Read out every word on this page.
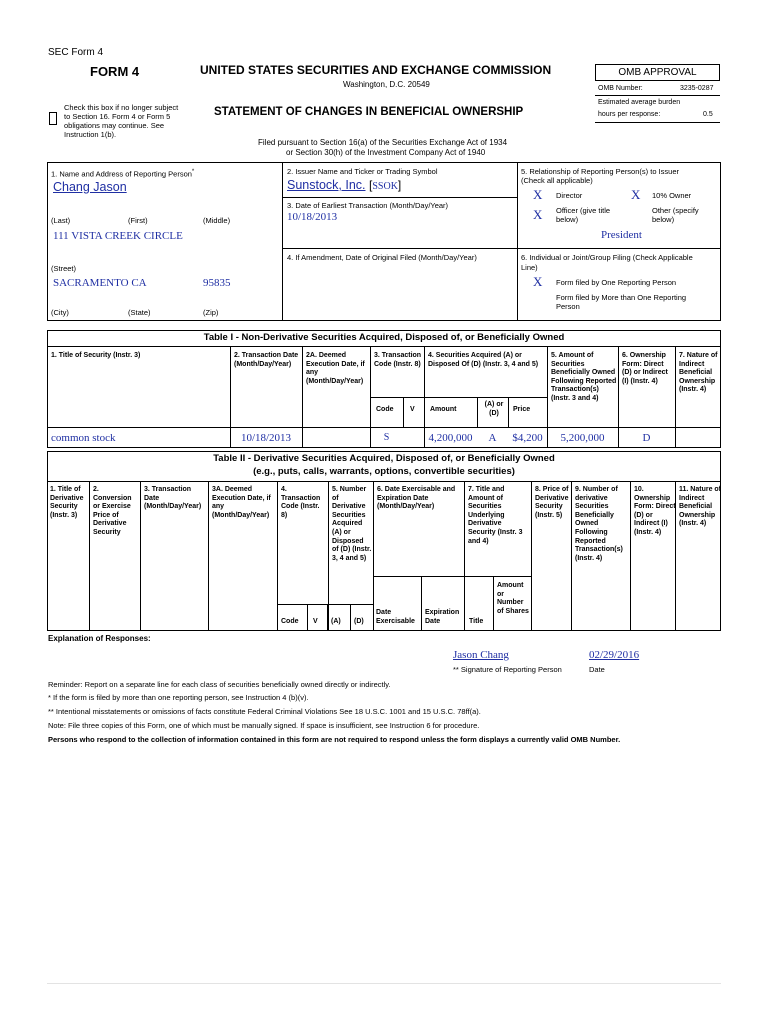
SEC Form 4
FORM 4	UNITED STATES SECURITIES AND EXCHANGE COMMISSION
Washington, D.C. 20549
Check this box if no longer subject
to Section 16. Form 4 or Form 5
obligations may continue. See
Instruction 1(b).
STATEMENT OF CHANGES IN BENEFICIAL OWNERSHIP
Filed pursuant to Section 16(a) of the Securities Exchange Act of 1934
or Section 30(h) of the Investment Company Act of 1940
OMB APPROVAL
OMB Number:	3235-0287
Estimated average burden
hours per response:	0.5
1. Name and Address of Reporting Person*
Chang Jason
(Last)	(First)	(Middle)
111 VISTA CREEK CIRCLE
(Street)
SACRAMENTO CA	95835
(City)	(State)	(Zip)
2. Issuer Name and Ticker or Trading Symbol
Sunstock, Inc. [SSOK]
3. Date of Earliest Transaction (Month/Day/Year)
10/18/2013
4. If Amendment, Date of Original Filed (Month/Day/Year)
5. Relationship of Reporting Person(s) to Issuer
(Check all applicable)
X Director	X 10% Owner
X Officer (give title
below)
Other (specify
below)
President
6. Individual or Joint/Group Filing (Check Applicable
Line)
X Form filed by One Reporting Person
Form filed by More than One Reporting
Person
Table I - Non-Derivative Securities Acquired, Disposed of, or Beneficially Owned
1. Title of Security (Instr. 3)	2. Transaction Date (Month/Day/Year)
2A. Deemed Execution Date, if any (Month/Day/Year)
3. Transaction Code (Instr. 8)
4. Securities Acquired (A) or Disposed Of (D) (Instr. 3, 4 and 5)
5. Amount of Securities Beneficially Owned Following Reported Transaction(s) (Instr. 3 and 4)
6. Ownership Form: Direct (D) or Indirect (I) (Instr. 4)
7. Nature of Indirect Beneficial Ownership (Instr. 4)
Code V Amount
(A) or (D)
Price
common stock	10/18/2013	S	4,200,000	A	$4,200	5,200,000	D
Table II - Derivative Securities Acquired, Disposed of, or Beneficially Owned
(e.g., puts, calls, warrants, options, convertible securities)
1. Title of Derivative Security (Instr. 3)
2. Conversion or Exercise Price of Derivative Security
3. Transaction Date (Month/Day/Year)
3A. Deemed Execution Date, if any (Month/Day/Year)
4. Transaction Code (Instr. 8)
5. Number of Derivative Securities Acquired (A) or Disposed of (D) (Instr. 3, 4 and 5)
6. Date Exercisable and Expiration Date (Month/Day/Year)
7. Title and Amount of Securities Underlying Derivative Security (Instr. 3 and 4)
8. Price of Derivative Security (Instr. 5)
9. Number of derivative Securities Beneficially Owned Following Reported Transaction(s) (Instr. 4)
10. Ownership Form: Direct (D) or Indirect (I) (Instr. 4)
11. Nature of Indirect Beneficial Ownership (Instr. 4)
Code V (A) (D)
Date Exercisable
Expiration Date	Title
Amount or Number of Shares
Explanation of Responses:
Jason Chang	02/29/2016
** Signature of Reporting Person	Date
Reminder: Report on a separate line for each class of securities beneficially owned directly or indirectly.
* If the form is filed by more than one reporting person, see Instruction 4 (b)(v).
** Intentional misstatements or omissions of facts constitute Federal Criminal Violations See 18 U.S.C. 1001 and 15 U.S.C. 78ff(a).
Note: File three copies of this Form, one of which must be manually signed. If space is insufficient, see Instruction 6 for procedure.
Persons who respond to the collection of information contained in this form are not required to respond unless the form displays a currently valid OMB Number.
